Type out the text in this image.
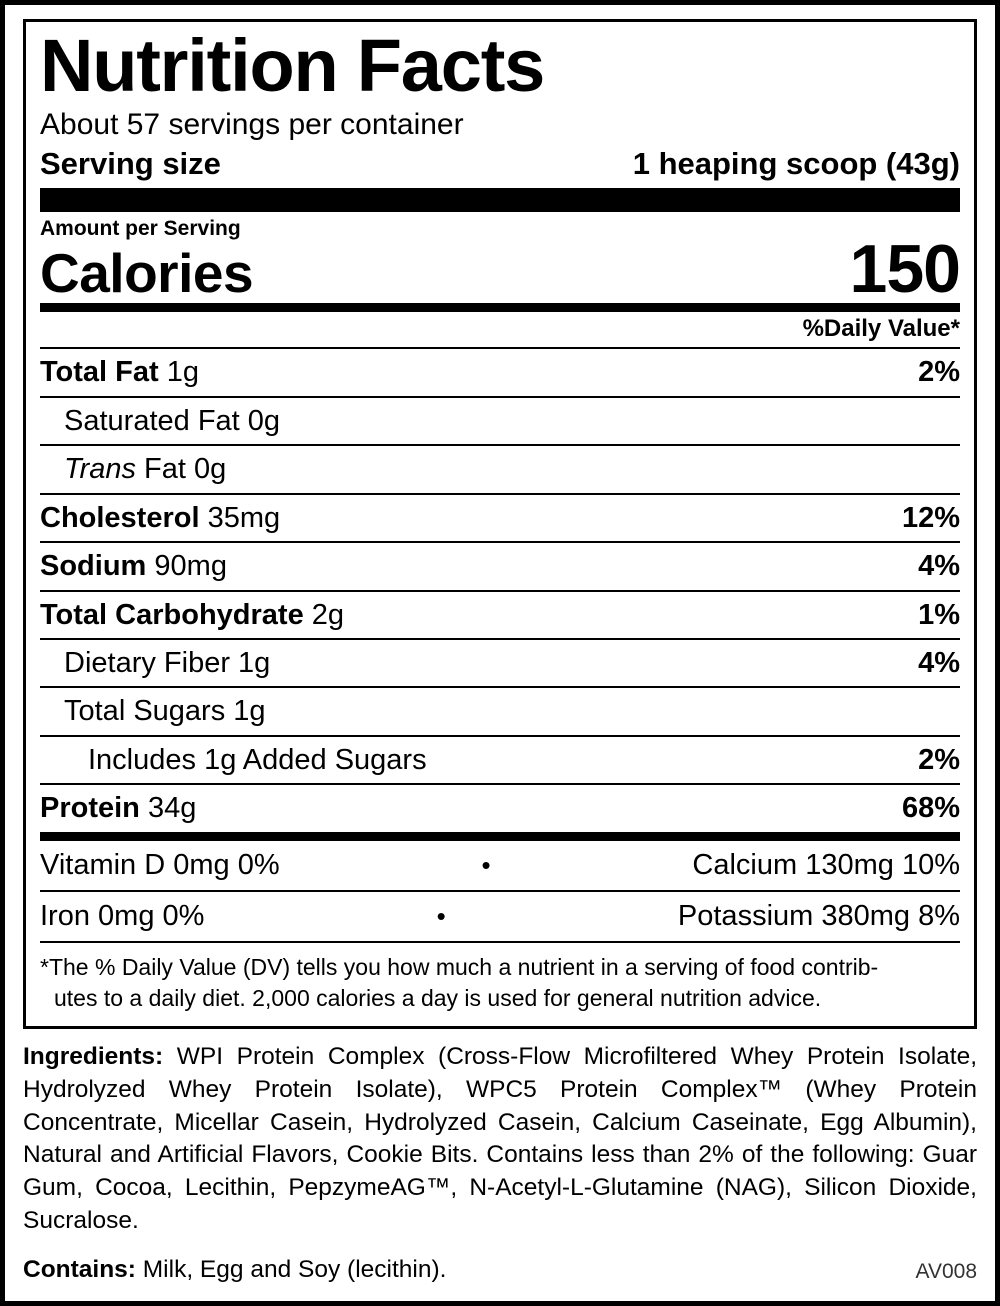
Nutrition Facts
About 57 servings per container
Serving size	1 heaping scoop (43g)
Amount per Serving
Calories	150
%Daily Value*
Total Fat 1g	2%
Saturated Fat 0g
Trans Fat 0g
Cholesterol 35mg	12%
Sodium 90mg	4%
Total Carbohydrate 2g	1%
Dietary Fiber 1g	4%
Total Sugars 1g
Includes 1g Added Sugars	2%
Protein 34g	68%
Vitamin D 0mg 0%	•	Calcium 130mg 10%
Iron 0mg 0%	•	Potassium 380mg 8%
*The % Daily Value (DV) tells you how much a nutrient in a serving of food contrib-
utes to a daily diet. 2,000 calories a day is used for general nutrition advice.
Ingredients: WPI Protein Complex (Cross-Flow Microfiltered Whey Protein Isolate, Hydrolyzed Whey Protein Isolate), WPC5 Protein Complex™ (Whey Protein Concentrate, Micellar Casein, Hydrolyzed Casein, Calcium Caseinate, Egg Albumin), Natural and Artificial Flavors, Cookie Bits. Contains less than 2% of the following: Guar Gum, Cocoa, Lecithin, PepzymeAG™, N-Acetyl-L-Glutamine (NAG), Silicon Dioxide, Sucralose.
Contains: Milk, Egg and Soy (lecithin).	AV008
